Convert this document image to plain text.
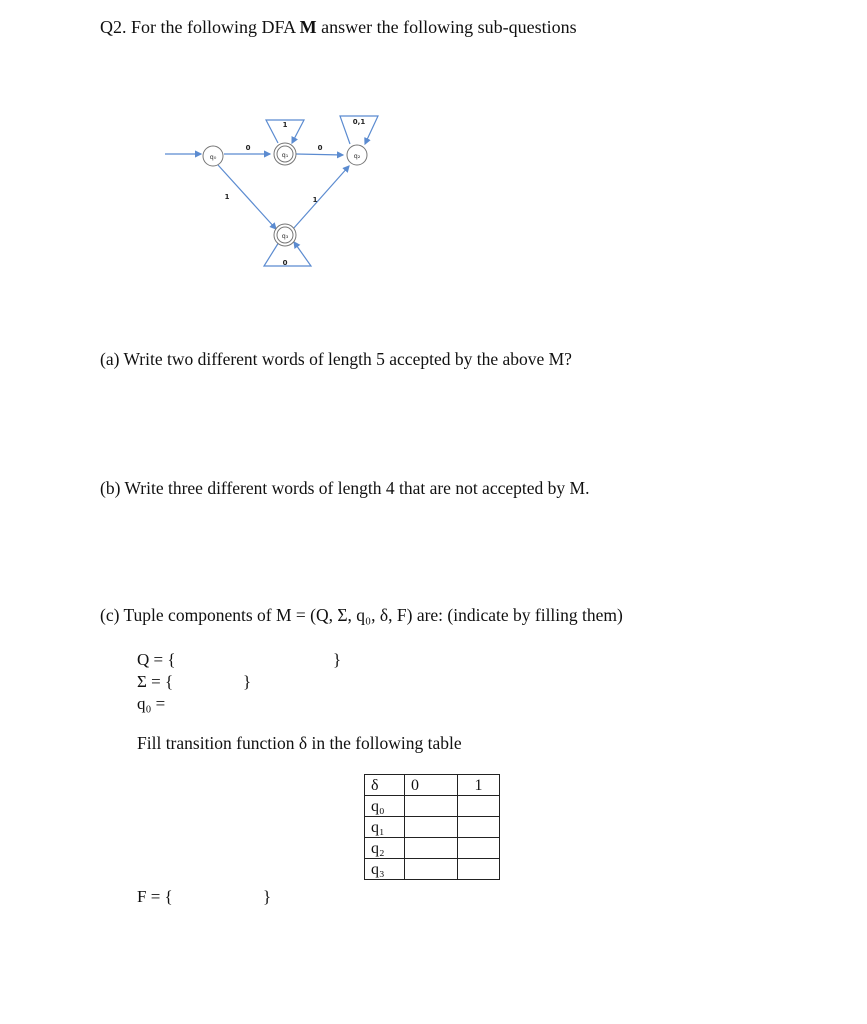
Q2. For the following DFA M answer the following sub-questions
q₀	q₁	q₂
q₃
0
1
0
0,1
1	1
0
(a) Write two different words of length 5 accepted by the above M?
(b) Write three different words of length 4 that are not accepted by M.
(c) Tuple components of M = (Q, Σ, q₀, δ, F) are: (indicate by filling them)
Q = {	}
Σ = {	}
q₀ =
Fill transition function δ in the following table
δ	0	1
q₀		
q₁		
q₂		
q₃		
F = {	}
